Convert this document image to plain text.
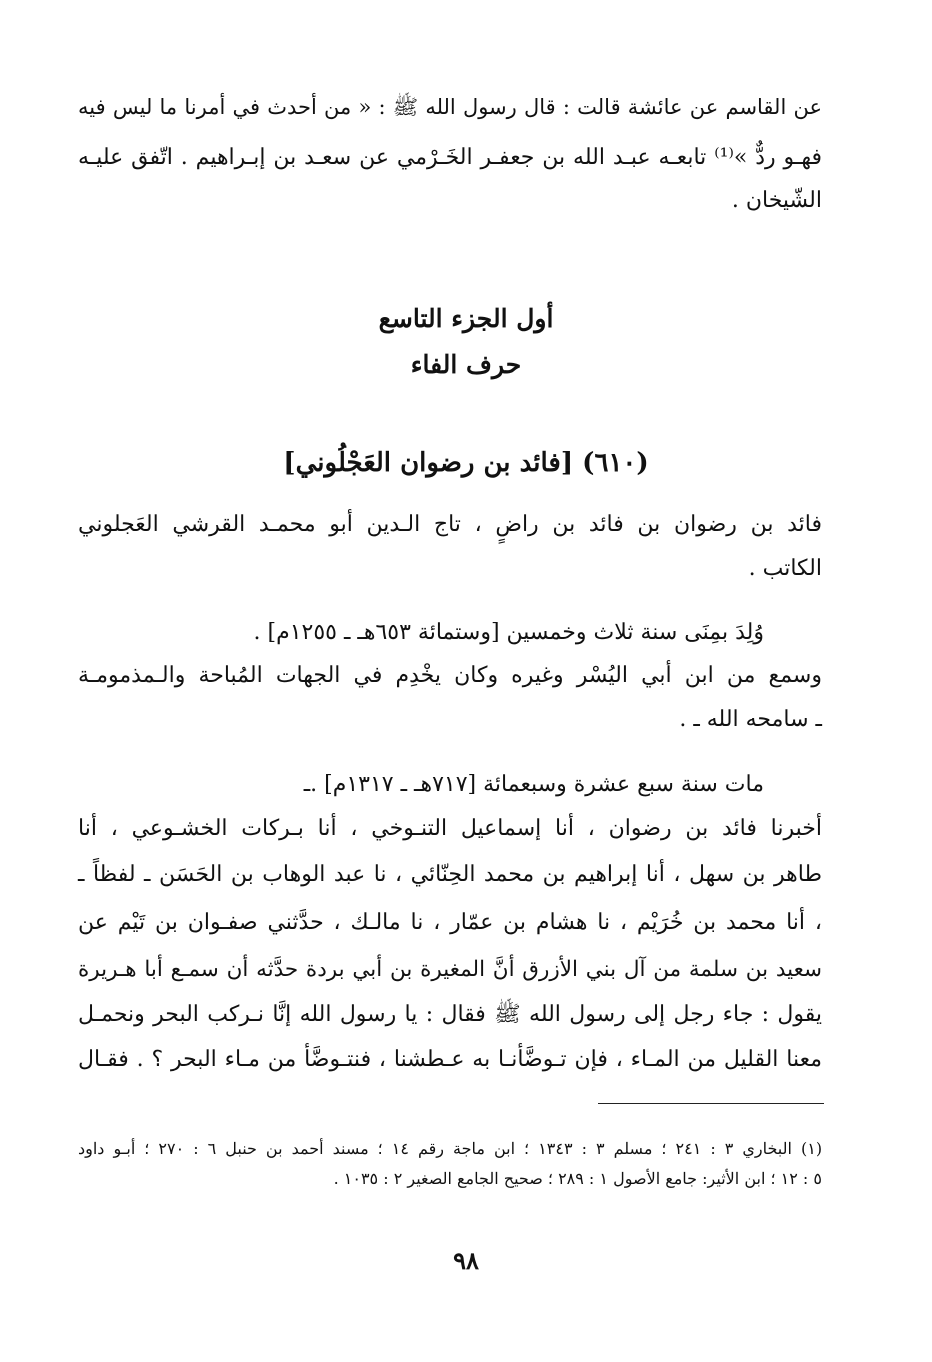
عن القاسم عن عائشة قالت : قال رسول الله ﷺ : « من أحدث في أمرنا ما ليس فيه
فهـو ردٌّ »⁽¹⁾ تابعـه عبـد الله بن جعفـر الخَـرْمي عن سعـد بن إبـراهيم . اتّفق عليـه
الشّيخان .
أول الجزء التاسع
حرف الفاء
(٦١٠) [فائد بن رضوان العَجْلُوني]
فائد بن رضوان بن فائد بن راضٍ ، تاج الـدين أبو محمـد القرشي العَجلوني
الكاتب .
وُلِدَ بمِنَى سنة ثلاث وخمسين [وستمائة ٦٥٣هـ ـ ١٢٥٥م] .
وسمع من ابن أبي اليُسْر وغيره وكان يخْدِم في الجهات المُباحة والـمذمومـة
ـ سامحه الله ـ .
مات سنة سبع عشرة وسبعمائة [٧١٧هـ ـ ١٣١٧م] .ـ
أخبرنا فائد بن رضوان ، أنا إسماعيل التنـوخي ، أنا بـركات الخشـوعي ، أنا
طاهر بن سهل ، أنا إبراهيم بن محمد الحِنّائي ، نا عبد الوهاب بن الحَسَن ـ لفظاً ـ
، أنا محمد بن خُرَيْم ، نا هشام بن عمّار ، نا مالـك ، حدَّثني صفـوان بن تَيْم عن
سعيد بن سلمة من آل بني الأزرق أنَّ المغيرة بن أبي بردة حدَّثه أن سمـع أبا هـريرة
يقول : جاء رجل إلى رسول الله ﷺ فقال : يا رسول الله إنَّا نـركب البحر ونحمـل
معنا القليل من المـاء ، فإن تـوضَّأنـا به عـطشنا ، فنتـوضَّأ من مـاء البحر ؟ . فقـال
(١) البخاري ٣ : ٢٤١ ؛ مسلم ٣ : ١٣٤٣ ؛ ابن ماجة رقم ١٤ ؛ مسند أحمد بن حنبل ٦ : ٢٧٠ ؛ أبـو داود
٥ : ١٢ ؛ ابن الأثير: جامع الأصول ١ : ٢٨٩ ؛ صحيح الجامع الصغير ٢ : ١٠٣٥ .
٩٨
